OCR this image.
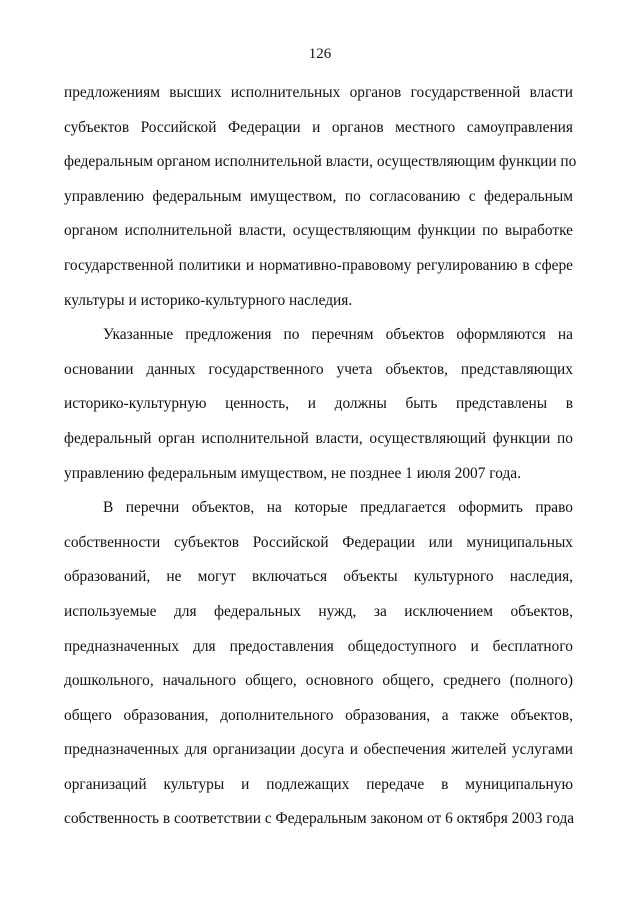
126
предложениям высших исполнительных органов государственной власти
субъектов Российской Федерации и органов местного самоуправления
федеральным органом исполнительной власти, осуществляющим функции по
управлению федеральным имуществом, по согласованию с федеральным
органом исполнительной власти, осуществляющим функции по выработке
государственной политики и нормативно-правовому регулированию в сфере
культуры и историко-культурного наследия.
Указанные предложения по перечням объектов оформляются на
основании данных государственного учета объектов, представляющих
историко-культурную ценность, и должны быть представлены в
федеральный орган исполнительной власти, осуществляющий функции по
управлению федеральным имуществом, не позднее 1 июля 2007 года.
В перечни объектов, на которые предлагается оформить право
собственности субъектов Российской Федерации или муниципальных
образований, не могут включаться объекты культурного наследия,
используемые для федеральных нужд, за исключением объектов,
предназначенных для предоставления общедоступного и бесплатного
дошкольного, начального общего, основного общего, среднего (полного)
общего образования, дополнительного образования, а также объектов,
предназначенных для организации досуга и обеспечения жителей услугами
организаций культуры и подлежащих передаче в муниципальную
собственность в соответствии с Федеральным законом от 6 октября 2003 года
